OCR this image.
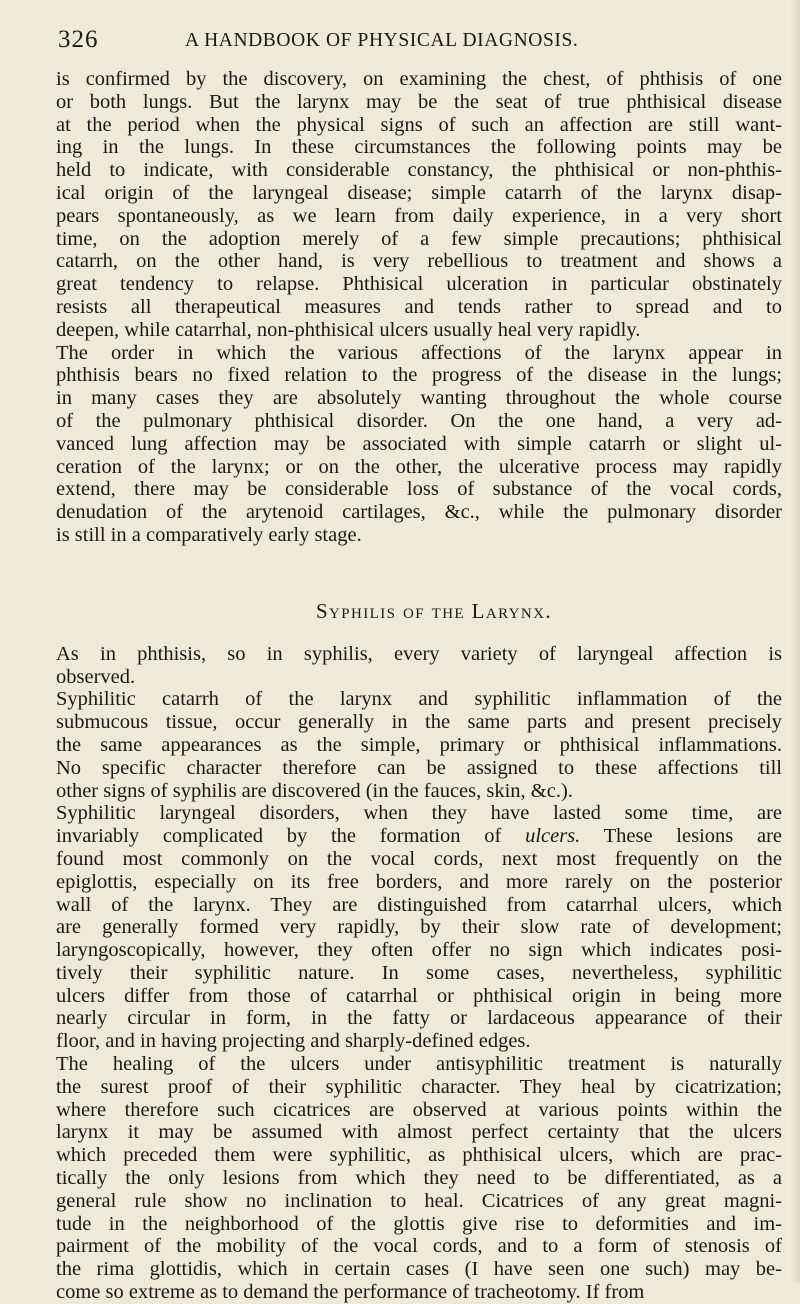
326	A HANDBOOK OF PHYSICAL DIAGNOSIS.
is confirmed by the discovery, on examining the chest, of phthisis of one
or both lungs. But the larynx may be the seat of true phthisical disease
at the period when the physical signs of such an affection are still want-
ing in the lungs. In these circumstances the following points may be
held to indicate, with considerable constancy, the phthisical or non-phthis-
ical origin of the laryngeal disease; simple catarrh of the larynx disap-
pears spontaneously, as we learn from daily experience, in a very short
time, on the adoption merely of a few simple precautions; phthisical
catarrh, on the other hand, is very rebellious to treatment and shows a
great tendency to relapse. Phthisical ulceration in particular obstinately
resists all therapeutical measures and tends rather to spread and to
deepen, while catarrhal, non-phthisical ulcers usually heal very rapidly.
The order in which the various affections of the larynx appear in
phthisis bears no fixed relation to the progress of the disease in the lungs;
in many cases they are absolutely wanting throughout the whole course
of the pulmonary phthisical disorder. On the one hand, a very ad-
vanced lung affection may be associated with simple catarrh or slight ul-
ceration of the larynx; or on the other, the ulcerative process may rapidly
extend, there may be considerable loss of substance of the vocal cords,
denudation of the arytenoid cartilages, &c., while the pulmonary disorder
is still in a comparatively early stage.
Syphilis of the Larynx.
As in phthisis, so in syphilis, every variety of laryngeal affection is
observed.
Syphilitic catarrh of the larynx and syphilitic inflammation of the
submucous tissue, occur generally in the same parts and present precisely
the same appearances as the simple, primary or phthisical inflammations.
No specific character therefore can be assigned to these affections till
other signs of syphilis are discovered (in the fauces, skin, &c.).
Syphilitic laryngeal disorders, when they have lasted some time, are
invariably complicated by the formation of ulcers. These lesions are
found most commonly on the vocal cords, next most frequently on the
epiglottis, especially on its free borders, and more rarely on the posterior
wall of the larynx. They are distinguished from catarrhal ulcers, which
are generally formed very rapidly, by their slow rate of development;
laryngoscopically, however, they often offer no sign which indicates posi-
tively their syphilitic nature. In some cases, nevertheless, syphilitic
ulcers differ from those of catarrhal or phthisical origin in being more
nearly circular in form, in the fatty or lardaceous appearance of their
floor, and in having projecting and sharply-defined edges.
The healing of the ulcers under antisyphilitic treatment is naturally
the surest proof of their syphilitic character. They heal by cicatrization;
where therefore such cicatrices are observed at various points within the
larynx it may be assumed with almost perfect certainty that the ulcers
which preceded them were syphilitic, as phthisical ulcers, which are prac-
tically the only lesions from which they need to be differentiated, as a
general rule show no inclination to heal. Cicatrices of any great magni-
tude in the neighborhood of the glottis give rise to deformities and im-
pairment of the mobility of the vocal cords, and to a form of stenosis of
the rima glottidis, which in certain cases (I have seen one such) may be-
come so extreme as to demand the performance of tracheotomy. If from
